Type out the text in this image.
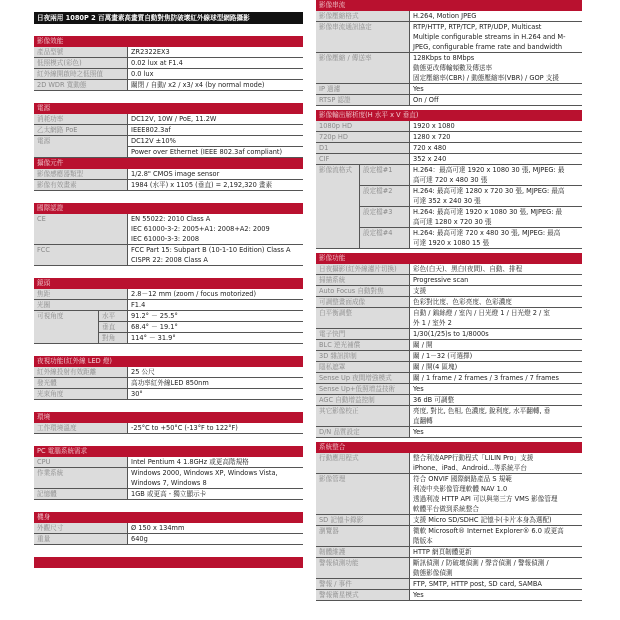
日夜兩用 1080P 2 百萬畫素高畫質自動對焦防破壞紅外線球型網路攝影
影像效能
產品型號	ZR2322EX3
低照模式(彩色)	0.02 lux at F1.4
紅外線開啟時之低照值	0.0 lux
2D WDR 寬動態	關閉 / 自動/ x2 / x3/ x4 (by normal mode)
電源
消耗功率	DC12V, 10W / PoE, 11.2W
乙太網路 PoE	IEEE802.3af
電源	DC12V ±10%
Power over Ethernet (IEEE 802.3af compliant)
攝像元件
影像感應器類型	1/2.8" CMOS image sensor
影像有效畫素	1984 (水平) x 1105 (垂直) = 2,192,320 畫素
國際認證
CE	EN 55022: 2010 Class A
IEC 61000-3-2: 2005+A1: 2008+A2: 2009
IEC 61000-3-3: 2008
FCC	FCC Part 15: Subpart B (10-1-10 Edition) Class A
CISPR 22: 2008 Class A
鏡頭
焦距	2.8－12 mm (zoom / focus motorized)
光圈	F1.4
可視角度	水平	91.2° － 25.5°
垂直	68.4° － 19.1°
對角	114° － 31.9°
夜視功能(紅外線 LED 燈)
紅外線投射有效距離	25 公尺
發光體	高功率紅外線LED 850nm
光束角度	30°
環境
工作環境溫度	-25°C to +50°C (-13°F to 122°F)
PC 電腦系統需求
CPU	Intel Pentium 4 1.8GHz 或更高階規格
作業系統	Windows 2000, Windows XP, Windows Vista,
Windows 7, Windows 8
記憶體	1GB 或更高 - 獨立顯示卡
機身
外觀尺寸	Ø 150 x 134mm
重量	640g
影像串流
影像壓縮格式	H.264, Motion JPEG
影像串流通訊協定	RTP/HTTP, RTP/TCP, RTP/UDP, Multicast
Multiple configurable streams in H.264 and M-
JPEG, configurable frame rate and bandwidth
影像壓縮 / 傳送率	128Kbps to 8Mbps
動態更改傳輸頻數及傳送率
固定壓縮率(CBR) / 動態壓縮率(VBR) / GOP 支援
IP 過濾	Yes
RTSP 認證	On / Off
影像輸出解析度(H 水平 x V 垂直)
1080p HD	1920 x 1080
720p HD	1280 x 720
D1	720 x 480
CIF	352 x 240
影像流格式	設定檔#1	H.264：最高可達 1920 x 1080 30 張, MJPEG: 最
高可達 720 x 480 30 張
設定檔#2	H.264: 最高可達 1280 x 720 30 張, MJPEG: 最高
可達 352 x 240 30 張
設定檔#3	H.264: 最高可達 1920 x 1080 30 張, MJPEG: 最
高可達 1280 x 720 30 張
設定檔#4	H.264: 最高可達 720 x 480 30 張, MJPEG: 最高
可達 1920 x 1080 15 張
影像功能
日夜攝影(紅外線濾片切換)	彩色(白天)、黑白(夜間)、自動、排程
掃描系統	Progressive scan
Auto Focus 自動對焦	支援
可調整畫面成像	色彩對比度、色彩亮度、色彩濃度
白平衡調整	自動 / 鎢絲燈 / 室內 / 日光燈 1 / 日光燈 2 / 室
外 1 / 室外 2
電子快門	1/30(1/25)s to 1/8000s
BLC 逆光補償	關 / 開
3D 雜訊抑制	關 / 1－32 (可選擇)
隱私遮罩	關 / 開(4 區塊)
Sense Up 夜間增強模式	關 / 1 frame / 2 frames / 3 frames / 7 frames
Sense Up+低照增益技術	Yes
AGC 自動增益控制	36 dB 可調整
其它影像校正	亮度, 對比, 色相, 色濃度, 銳利度, 水平翻轉, 垂
直翻轉
D/N 品質設定	Yes
系統整合
行動應用程式	整合利凌APP行動程式「LILIN Pro」支援
iPhone、iPad、Android...等系統平台
影像管理	符合 ONVIF 國際網路產品 S 規範
利凌中央影像管理軟體 NAV 1.0
透過利凌 HTTP API 可以與第三方 VMS 影像管理
軟體平台做到系統整合
SD 記憶卡錄影	支援 Micro SD/SDHC 記憶卡(卡片本身為選配)
瀏覽器	微軟 Microsoft® Internet Explorer® 6.0 或更高
階版本
韌體維護	HTTP 網頁韌體更新
警報偵測功能	斷訊偵測 / 防破壞偵測 / 聲音偵測 / 警報偵測 /
動態影像偵測
警報 / 事件	FTP, SMTP, HTTP post, SD card, SAMBA
警報衛星模式	Yes
